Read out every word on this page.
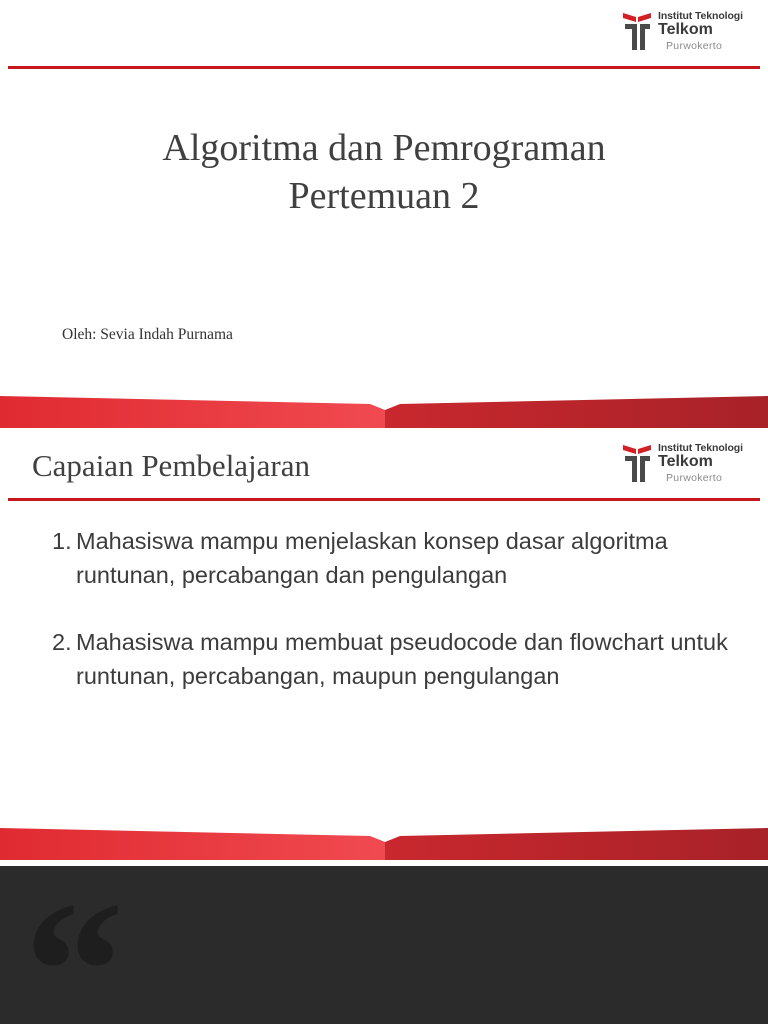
Institut Teknologi
Telkom
Purwokerto
Algoritma dan Pemrograman
Pertemuan 2
Oleh: Sevia Indah Purnama
Capaian Pembelajaran	Institut Teknologi
Telkom
Purwokerto
1. Mahasiswa mampu menjelaskan konsep dasar algoritma runtunan, percabangan dan pengulangan
2. Mahasiswa mampu membuat pseudocode dan flowchart untuk runtunan, percabangan, maupun pengulangan
“
